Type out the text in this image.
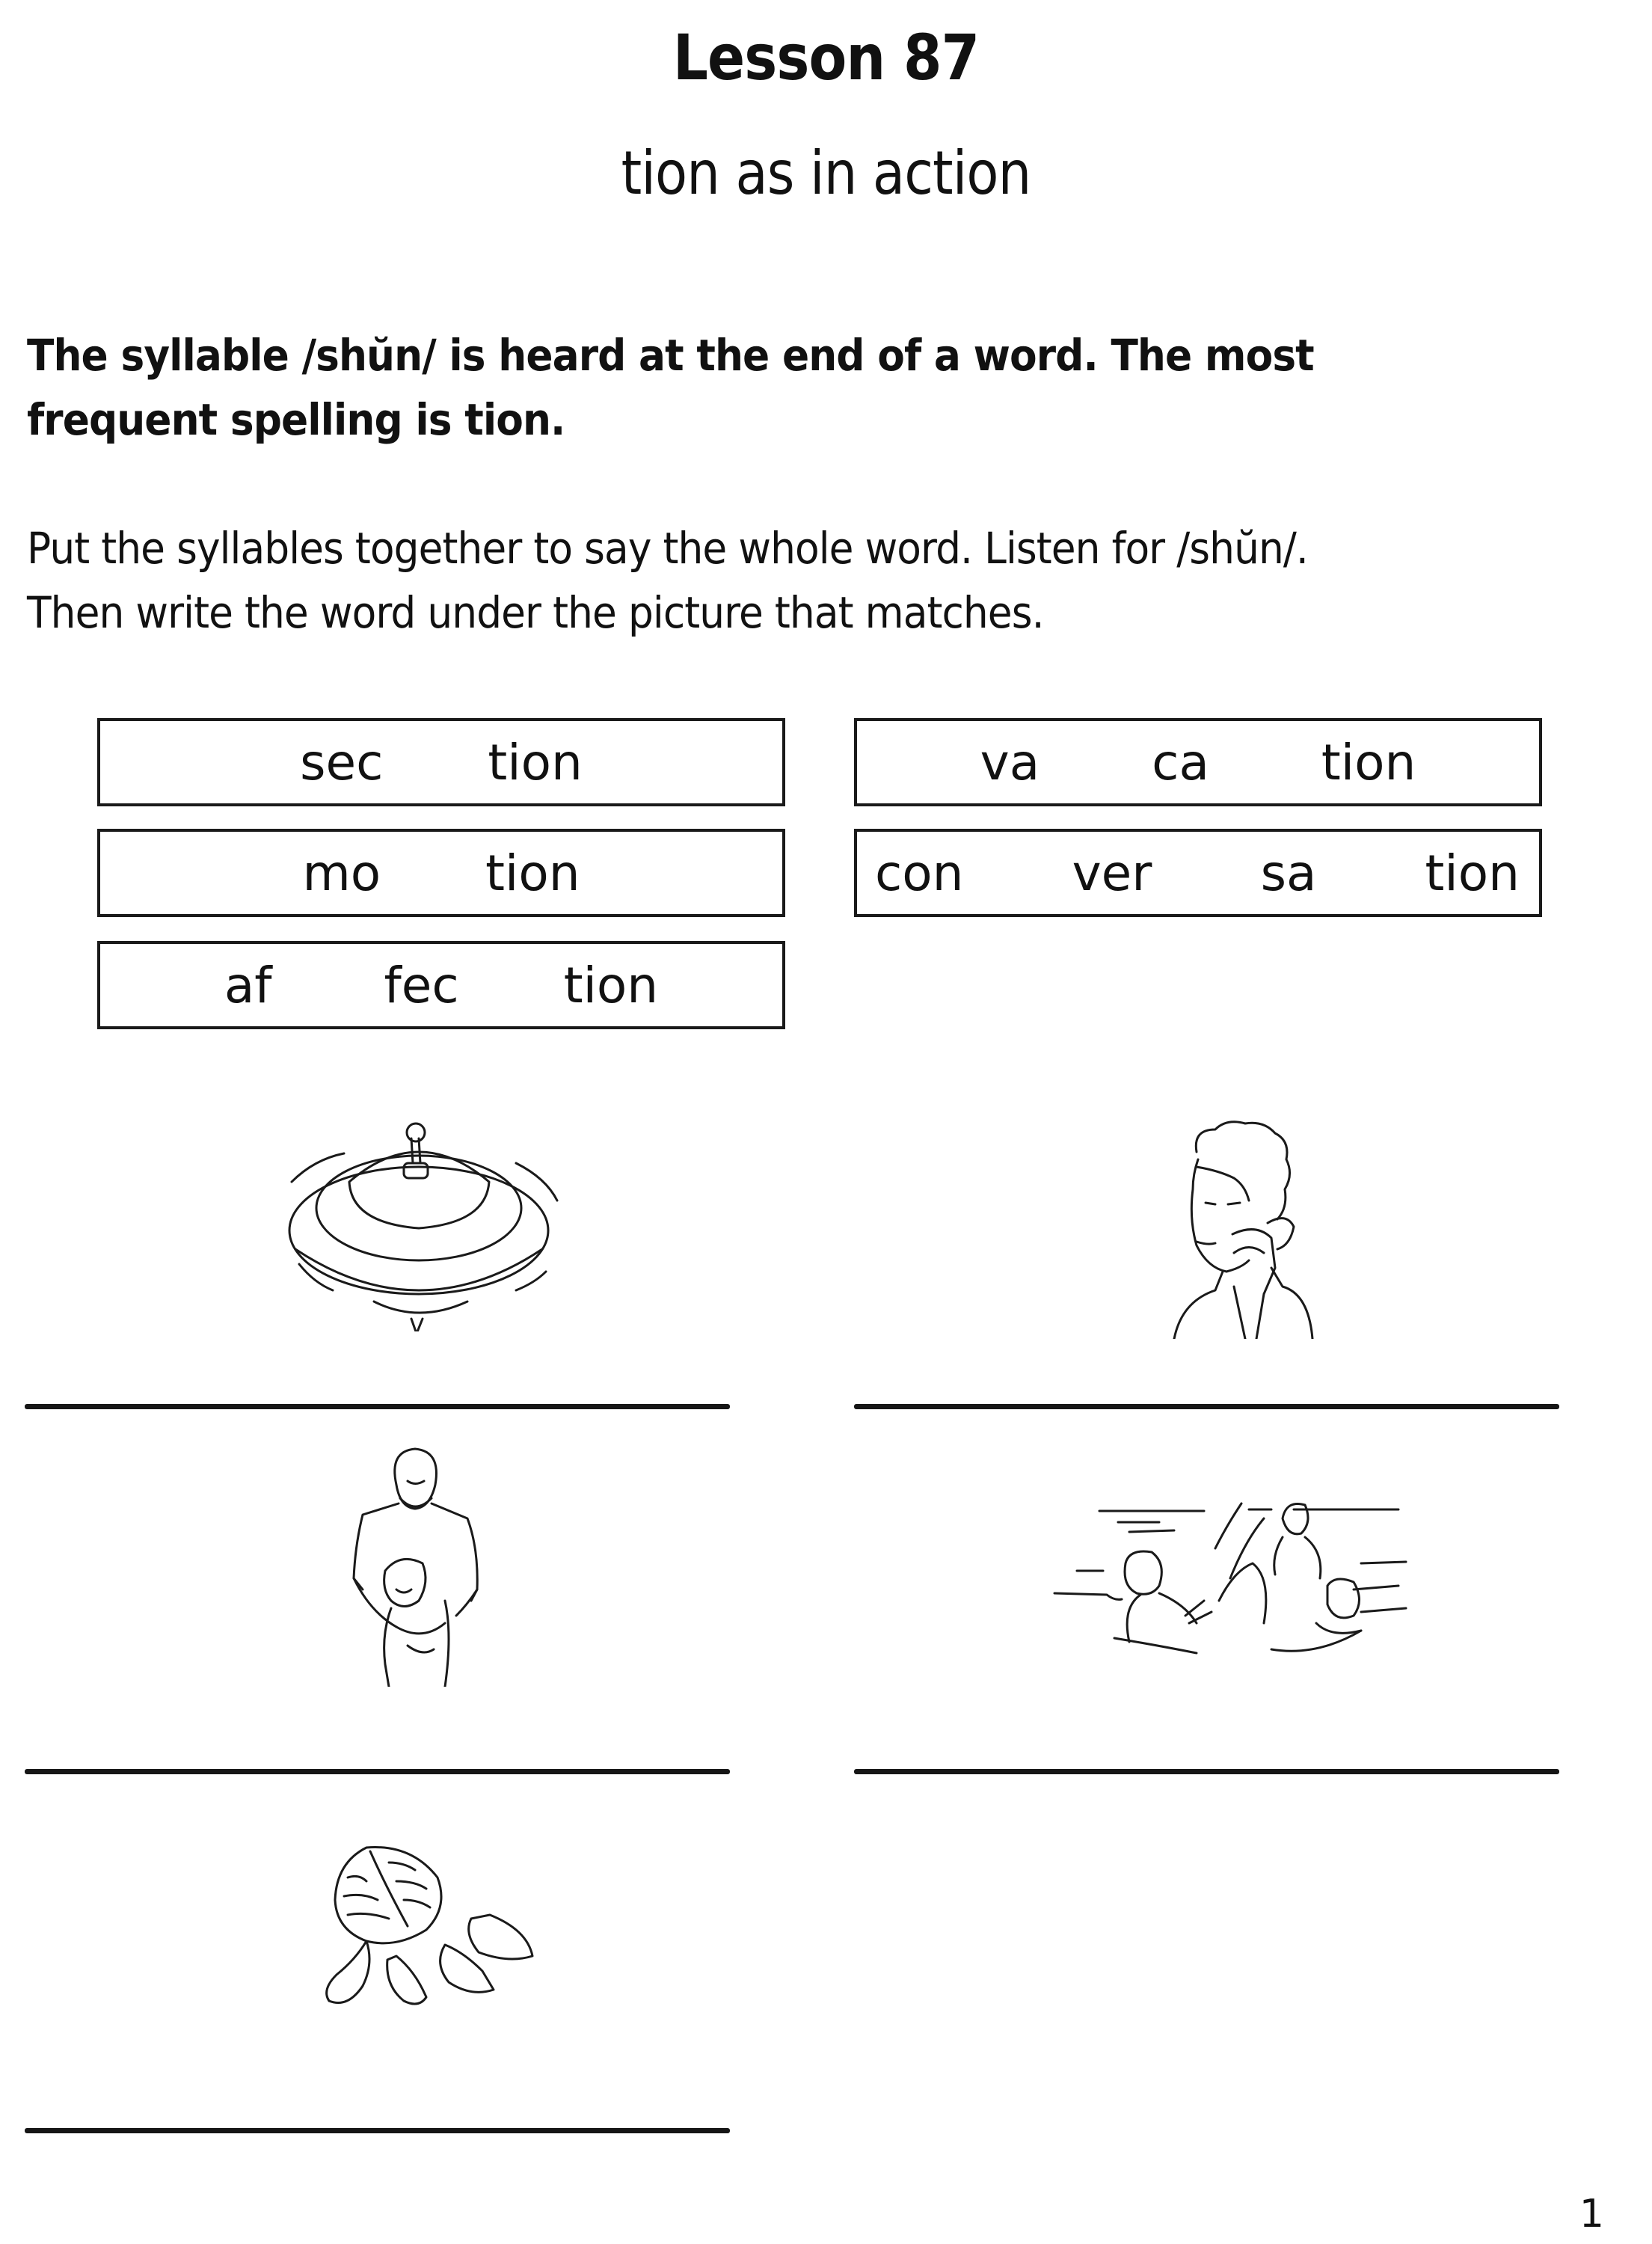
Lesson 87
tion as in action
The syllable /shŭn/ is heard at the end of a word. The most frequent spelling is tion.
Put the syllables together to say the whole word. Listen for /shŭn/.
Then write the word under the picture that matches.
sec tion
mo tion
af fec tion
va ca tion
con ver sa tion
1
